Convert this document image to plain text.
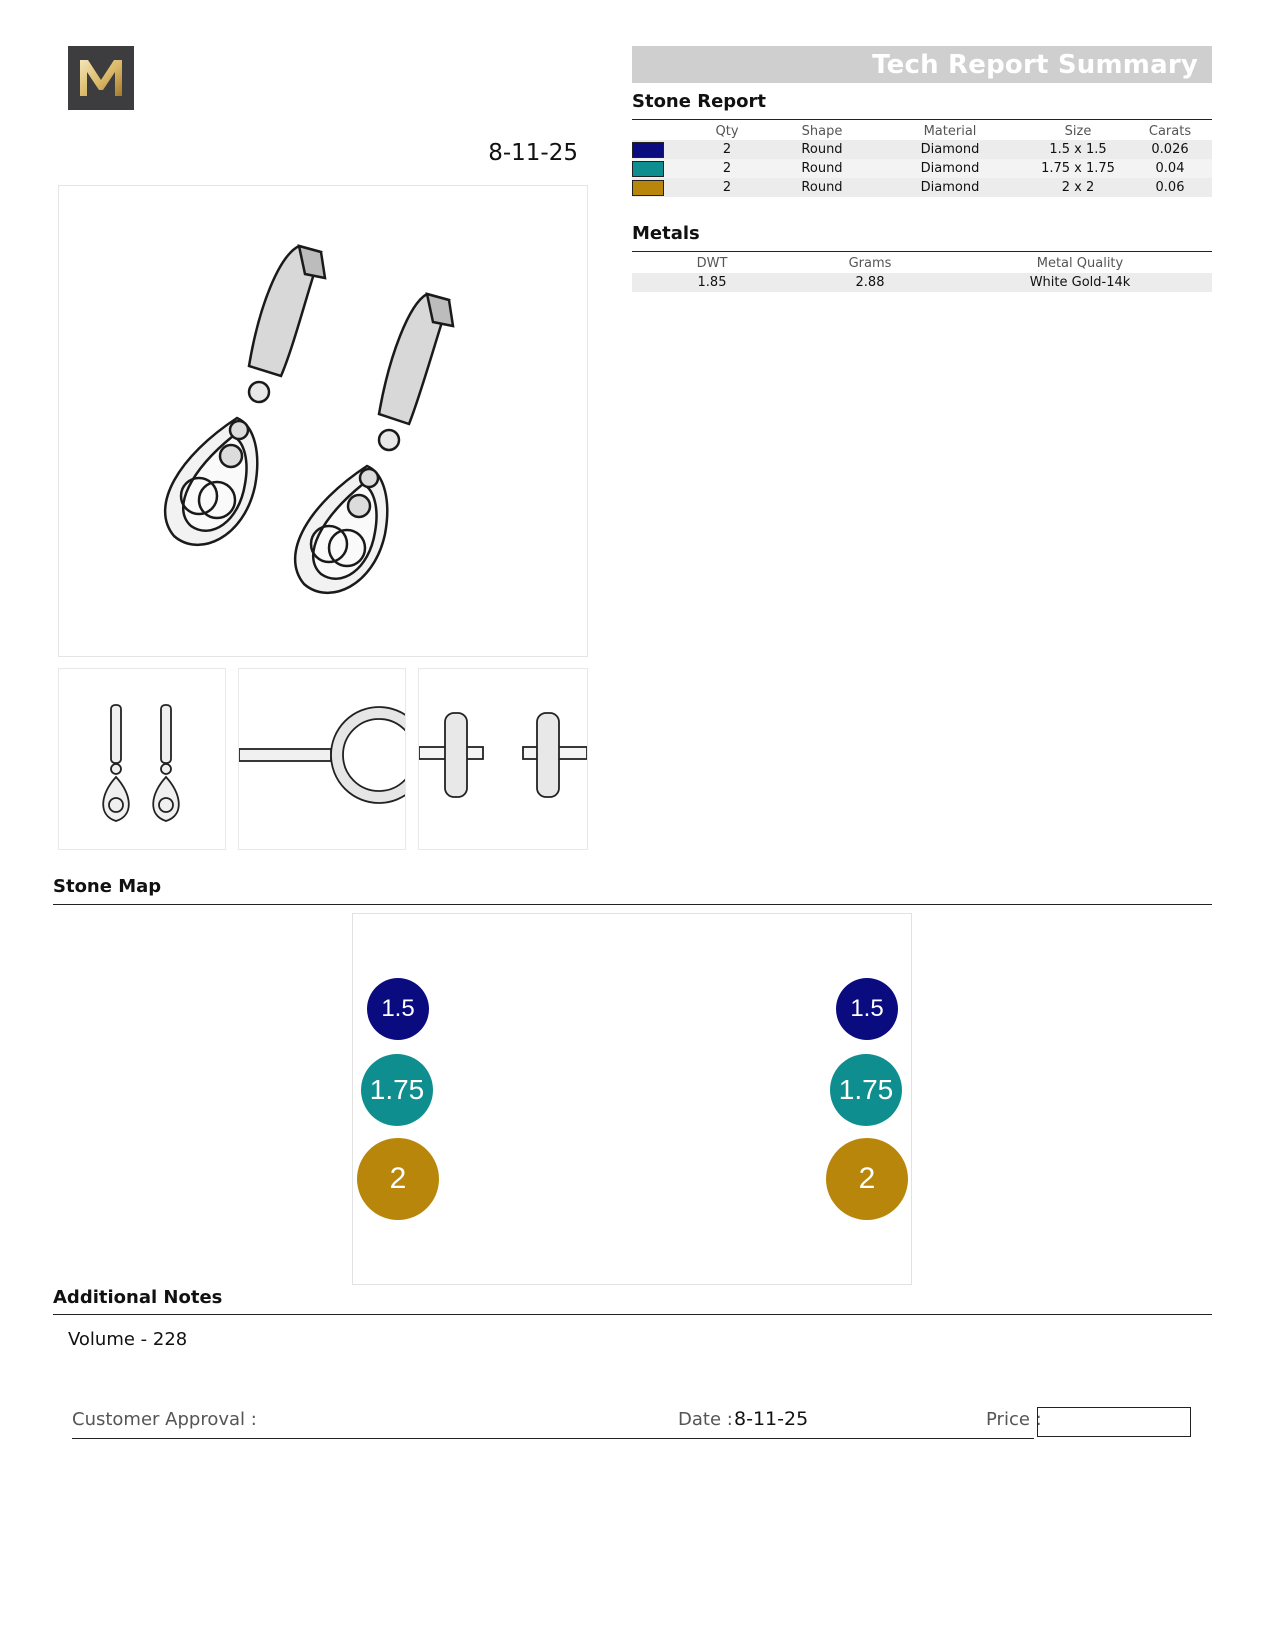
8-11-25
Tech Report Summary
Stone Report
	Qty	Shape	Material	Size	Carats

	2	Round	Diamond	1.5 x 1.5	0.026

	2	Round	Diamond	1.75 x 1.75	0.04

	2	Round	Diamond	2 x 2	0.06
Metals
DWT	Grams	Metal Quality
1.85	2.88	White Gold-14k
Stone Map
1.5
1.75
2
1.5
1.75
2
Additional Notes
Volume - 228
Customer Approval :	Date : 8-11-25	Price :
